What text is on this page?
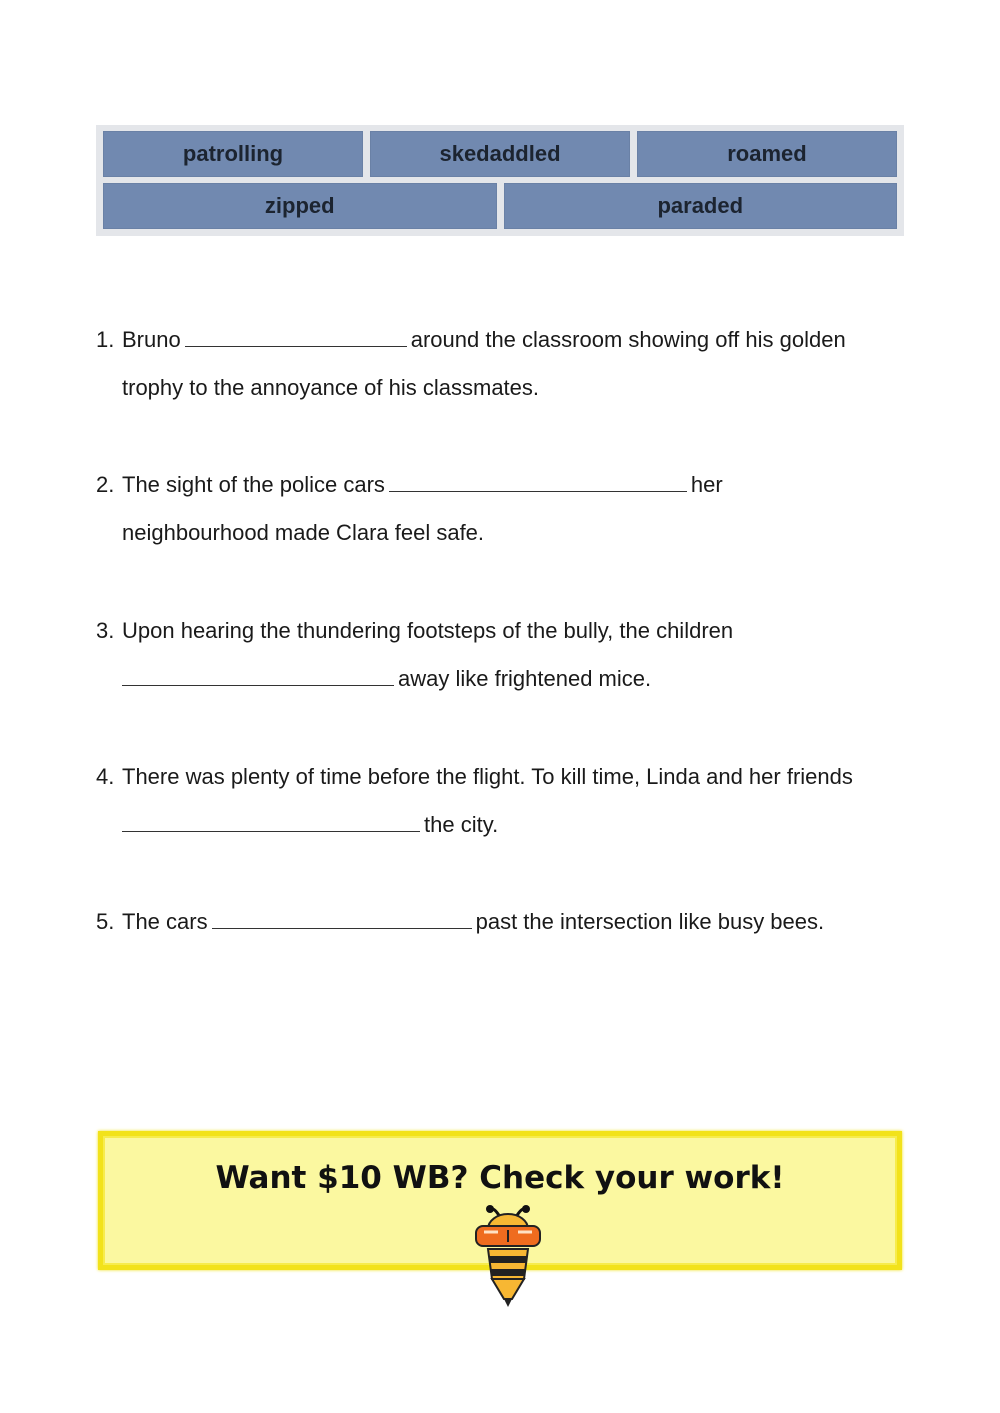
patrolling	skedaddled	roamed
zipped	paraded
1. Bruno	around the classroom showing off his golden
trophy to the annoyance of his classmates.
2. The sight of the police cars	her
neighbourhood made Clara feel safe.
3. Upon hearing the thundering footsteps of the bully, the children
away like frightened mice.
4. There was plenty of time before the flight. To kill time, Linda and her friends
the city.
5. The cars	past the intersection like busy bees.
Want $10 WB? Check your work!
